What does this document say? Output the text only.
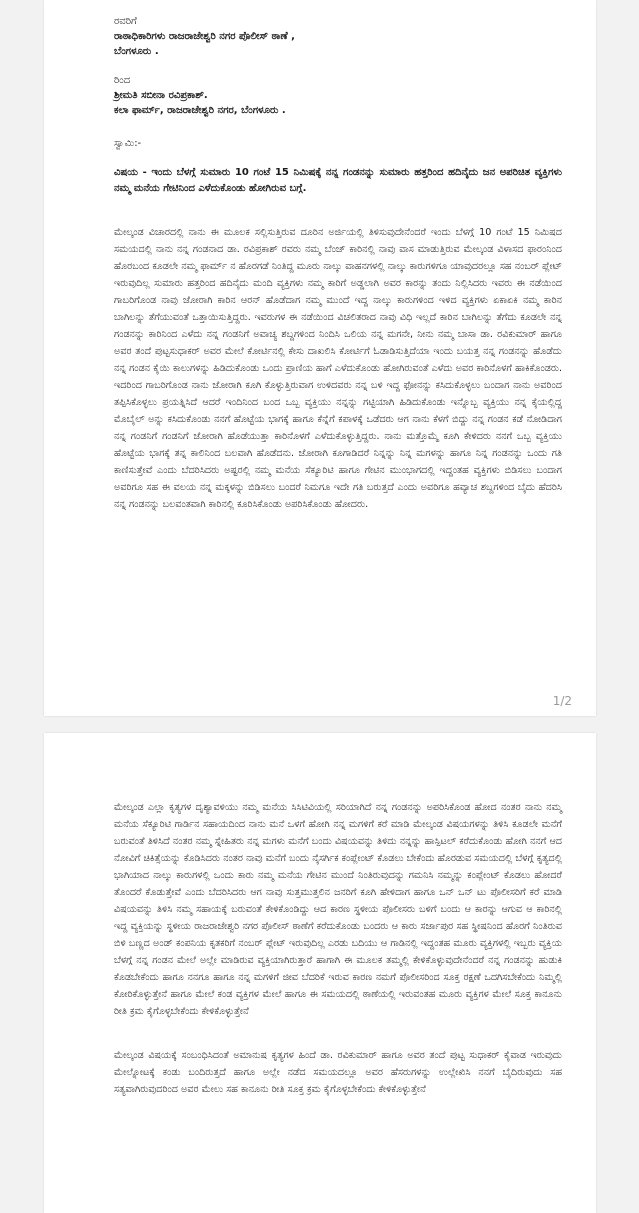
ರವರಿಗೆ
ರಾಠಾಧಿಕಾರಿಗಳು ರಾಜರಾಜೇಶ್ವರಿ ನಗರ ಪೊಲೀಸ್ ಠಾಣೆ ,
ಬೆಂಗಳೂರು .
ರಿಂದ
ಶ್ರೀಮತಿ ಸಬೀನಾ ರವಿಪ್ರಕಾಶ್.
ಕಲಾ ಫಾರ್ಮ್, ರಾಜರಾಜೇಶ್ವರಿ ನಗರ, ಬೆಂಗಳೂರು .
ಸ್ವಾಮಿ:-
ವಿಷಯ - ಇಂದು ಬೆಳಗ್ಗೆ ಸುಮಾರು 10 ಗಂಟೆ 15 ನಿಮಿಷಕ್ಕೆ ನನ್ನ ಗಂಡನನ್ನು ಸುಮಾರು ಹತ್ತರಿಂದ ಹದಿನೈದು ಜನ ಅಪರಿಚಿತ ವ್ಯಕ್ತಿಗಳು ನಮ್ಮ ಮನೆಯ ಗೇಟಿನಿಂದ ಎಳೆದುಕೊಂಡು ಹೋಗಿರುವ ಬಗ್ಗೆ.
ಮೇಲ್ಕಂಡ ವಿಚಾರದಲ್ಲಿ ನಾನು ಈ ಮೂಲಕ ಸಲ್ಲಿಸುತ್ತಿರುವ ದೂರಿನ ಅರ್ಜಿಯಲ್ಲಿ ತಿಳಿಸುವುದೇನೆಂದರೆ ಇಂದು ಬೆಳಗ್ಗೆ 10 ಗಂಟೆ 15 ನಿಮಿಷದ ಸಮಯದಲ್ಲಿ ನಾನು ನನ್ನ ಗಂಡನಾದ ಡಾ. ರವಿಪ್ರಕಾಶ್ ರವರು ನಮ್ಮ ಬೆಂಜ್ ಕಾರಿನಲ್ಲಿ ನಾವು ವಾಸ ಮಾಡುತ್ತಿರುವ ಮೇಲ್ಕಂಡ ವಿಳಾಸದ ಫಾರಂನಿಂದ ಹೊರಬಂದ ಕೂಡಲೇ ನಮ್ಮ ಫಾರ್ಮ್ ನ ಹೊರಗಡೆ ನಿಂತಿದ್ದ ಮೂರು ನಾಲ್ಕು ವಾಹನಗಳಲ್ಲಿ ನಾಲ್ಕು ಕಾರುಗಳಿಗೂ ಯಾವುದರಲ್ಲೂ ಸಹ ನಂಬರ್ ಪ್ಲೇಟ್ ಇರುವುದಿಲ್ಲ ಸುಮಾರು ಹತ್ತರಿಂದ ಹದಿನೈದು ಮಂದಿ ವ್ಯಕ್ತಿಗಳು ನಮ್ಮ ಕಾರಿಗೆ ಅಡ್ಡಲಾಗಿ ಅವರ ಕಾರನ್ನು ತಂದು ನಿಲ್ಲಿಸಿದರು ಇವರು ಈ ನಡೆಯಿಂದ ಗಾಬರಿಗೊಂಡ ನಾವು ಜೋರಾಗಿ ಕಾರಿನ ಆರನ್ ಹೊಡೆದಾಗ ನಮ್ಮ ಮುಂದೆ ಇದ್ದ ನಾಲ್ಕು ಕಾರುಗಳಿಂದ ಇಳಿದ ವ್ಯಕ್ತಿಗಳು ಏಕಾಏಕಿ ನಮ್ಮ ಕಾರಿನ ಬಾಗಿಲನ್ನು ತೆಗೆಯುವಂತೆ ಒತ್ತಾಯಿಸುತ್ತಿದ್ದರು. ಇವರುಗಳ ಈ ನಡೆಯಿಂದ ವಿಚಲಿತರಾದ ನಾವು ವಿಧಿ ಇಲ್ಲದೆ ಕಾರಿನ ಬಾಗಿಲನ್ನು ತೆಗೆದು ಕೂಡಲೇ ನನ್ನ ಗಂಡನನ್ನು ಕಾರಿನಿಂದ ಎಳೆದು ನನ್ನ ಗಂಡನಿಗೆ ಅವಾಚ್ಯ ಶಬ್ದಗಳಿಂದ ನಿಂದಿಸಿ ಒಲಿಯ ನನ್ನ ಮಗನೇ, ನೀನು ನಮ್ಮ ಬಾಸಾ ಡಾ. ರವಿಕುಮಾರ್ ಹಾಗೂ ಅವರ ತಂದೆ ಪುಟ್ಟಸುಧಾಕರ್ ಅವರ ಮೇಲೆ ಕೋರ್ಟಿನಲ್ಲಿ ಕೇಸು ದಾಖಲಿಸಿ ಕೋರ್ಟಿಗೆ ಓಡಾಡಿಸುತ್ತಿದೆಯಾ ಇಂದು ಬಯತ್ತ ನನ್ನ ಗಂಡನನ್ನು ಹೊಡೆದು ನನ್ನ ಗಂಡನ ಕೈಯಿ ಕಾಲುಗಳನ್ನು ಹಿಡಿದುಕೊಂಡು ಒಂದು ಪ್ರಾಣಿಯ ಹಾಗೆ ಎಳೆದುಕೊಂಡು ಹೋಗಿರುವಂತೆ ಎಳೆದು ಅವರ ಕಾರಿನೊಳಗೆ ಹಾಕಿಕೊಂಡರು. ಇದರಿಂದ ಗಾಬರಿಗೊಂಡ ನಾನು ಜೋರಾಗಿ ಕೂಗಿ ಕೊಳ್ಳುತ್ತಿರುವಾಗ ಉಳಿದವರು ನನ್ನ ಬಳಿ ಇದ್ದ ಫೋನನ್ನು ಕಸಿದುಕೊಳ್ಳಲು ಬಂದಾಗ ನಾನು ಅವರಿಂದ ತಪ್ಪಿಸಿಕೊಳ್ಳಲು ಪ್ರಯತ್ನಿಸಿದೆ ಆದರೆ ಇಂದಿನಿಂದ ಬಂದ ಒಬ್ಬ ವ್ಯಕ್ತಿಯು ನನ್ನನ್ನು ಗಟ್ಟಿಯಾಗಿ ಹಿಡಿದುಕೊಂಡು ಇನ್ನೊಬ್ಬ ವ್ಯಕ್ತಿಯು ನನ್ನ ಕೈಯಲ್ಲಿದ್ದ ಮೊಬೈಲ್ ಅನ್ನು ಕಸಿದುಕೊಂಡು ನನಗೆ ಹೊಟ್ಟೆಯ ಭಾಗಕ್ಕೆ ಹಾಗೂ ಕೆನ್ನೆಗೆ ಕಪಾಳಕ್ಕೆ ಒಡೆದರು ಆಗ ನಾನು ಕೆಳಗೆ ಬಿದ್ದು ನನ್ನ ಗಂಡನ ಕಡೆ ನೋಡಿದಾಗ ನನ್ನ ಗಂಡನಿಗೆ ಗಂಡನಿಗೆ ಜೋರಾಗಿ ಹೊಡೆಯುತ್ತಾ ಕಾರಿನೊಳಗೆ ಎಳೆದುಕೊಳ್ಳುತ್ತಿದ್ದರು. ನಾನು ಮತ್ತೊಮ್ಮೆ ಕೂಗಿ ಕೇಳಿದರು ನನಗೆ ಒಬ್ಬ ವ್ಯಕ್ತಿಯು ಹೊಟ್ಟೆಯ ಭಾಗಕ್ಕೆ ತನ್ನ ಕಾಲಿನಿಂದ ಬಲವಾಗಿ ಹೊಡೆದನು. ಜೋರಾಗಿ ಕೂಗಾಡಿದರೆ ನಿನ್ನನ್ನು ನಿನ್ನ ಮಗಳನ್ನು ಹಾಗೂ ನಿನ್ನ ಗಂಡನನ್ನು ಒಂದು ಗತಿ ಕಾಣಿಸುತ್ತೇವೆ ಎಂದು ಬೆದರಿಸಿದರು ಅಷ್ಟರಲ್ಲಿ ನಮ್ಮ ಮನೆಯ ಸೆಕ್ಯೂರಿಟಿ ಹಾಗೂ ಗೇಟಿನ ಮುಂಭಾಗದಲ್ಲಿ ಇದ್ದಂತಹ ವ್ಯಕ್ತಿಗಳು ಬಿಡಿಸಲು ಬಂದಾಗ ಅವರಿಗೂ ಸಹ ಈ ವಲಯ ನನ್ನ ಮಕ್ಕಳನ್ನು ಬಿಡಿಸಲು ಬಂದರೆ ನಿಮಗೂ ಇದೇ ಗತಿ ಬರುತ್ತದೆ ಎಂದು ಅವರಿಗೂ ಹವ್ಯಾಚ ಶಬ್ದಗಳಿಂದ ಬೈದು ಹೆದರಿಸಿ ನನ್ನ ಗಂಡನನ್ನು ಬಲವಂತವಾಗಿ ಕಾರಿನಲ್ಲಿ ಕೂರಿಸಿಕೊಂಡು ಅಪರಿಸಿಕೊಂಡು ಹೋದರು.
1/2
ಮೇಲ್ಕಂಡ ಎಲ್ಲಾ ಕೃತ್ಯಗಳ ದೃಶ್ಯಾವಳಿಯು ನಮ್ಮ ಮನೆಯ ಸಿಸಿಟಿವಿಯಲ್ಲಿ ಸರಿಯಾಗಿದೆ ನನ್ನ ಗಂಡನನ್ನು ಅಪರಿಸಿಕೊಂಡ ಹೋದ ನಂತರ ನಾನು ನಮ್ಮ ಮನೆಯ ಸೆಕ್ಯೂರಿಟಿ ಗಾರ್ಡಿನ ಸಹಾಯದಿಂದ ನಾನು ಮನೆ ಒಳಗೆ ಹೋಗಿ ನನ್ನ ಮಗಳಿಗೆ ಕರೆ ಮಾಡಿ ಮೇಲ್ಕಂಡ ವಿಷಯಗಳನ್ನು ತಿಳಿಸಿ ಕೂಡಲೇ ಮನೆಗೆ ಬರುವಂತೆ ತಿಳಿಸಿದೆ ನಂತರ ನಮ್ಮ ಸ್ನೇಹಿತರು ನನ್ನ ಮಗಳು ಮನೆಗೆ ಬಂದು ವಿಷಯವನ್ನು ತಿಳಿದು ನನ್ನನ್ನು ಹಾಸ್ಪಿಟಲ್ ಕರೆದುಕೊಂಡು ಹೋಗಿ ನನಗೆ ಆದ ನೋವಿಗೆ ಚಿಕಿತ್ಸೆಯನ್ನು ಕೊಡಿಸಿದರು ನಂತರ ನಾವು ಮನೆಗೆ ಬಂದು ನೈಸರ್ಗಿಕ ಕಂಪ್ಲೇಂಟ್ ಕೊಡಲು ಬೇಕೆಂದು ಹೊರಡುವ ಸಮಯದಲ್ಲಿ ಬೆಳಗ್ಗೆ ಕೃತ್ಯದಲ್ಲಿ ಭಾಗಿಯಾದ ನಾಲ್ಕು ಕಾರುಗಳಲ್ಲಿ ಒಂದು ಕಾರು ನಮ್ಮ ಮನೆಯ ಗೇಟಿನ ಮುಂದೆ ನಿಂತಿರುವುದನ್ನು ಗಮನಿಸಿ ನಮ್ಮನ್ನು ಕಂಪ್ಲೇಂಟ್ ಕೊಡಲು ಹೋದರೆ ತೊಂದರೆ ಕೊಡುತ್ತೇವೆ ಎಂದು ಬೆದರಿಸಿದರು ಆಗ ನಾವು ಸುತ್ತಮುತ್ತಲಿನ ಜನರಿಗೆ ಕೂಗಿ ಹೇಳಿದಾಗ ಹಾಗೂ ಒನ್ ಒನ್ ಟು ಪೊಲೀಸರಿಗೆ ಕರೆ ಮಾಡಿ ವಿಷಯವನ್ನು ತಿಳಿಸಿ ನಮ್ಮ ಸಹಾಯಕ್ಕೆ ಬರುವಂತೆ ಕೇಳಿಕೊಂಡಿದ್ದು ಆದ ಕಾರಣ ಸ್ಥಳೀಯ ಪೊಲೀಸರು ಬಳಿಗೆ ಬಂದು ಆ ಕಾರನ್ನು ಆಗುವ ಆ ಕಾರಿನಲ್ಲಿ ಇದ್ದ ವ್ಯಕ್ತಿಯನ್ನು ಸ್ಥಳೀಯ ರಾಜರಾಜೇಶ್ವರಿ ನಗರ ಪೊಲೀಸ್ ಠಾಣೆಗೆ ಕರೆದುಕೊಂಡು ಬಂದರು ಆ ಕಾರು ಸರ್ಜಾಪುರ ಸಹ ಸ್ಥೀಷನಿಂದ ಹೊರಗೆ ನಿಂತಿರುವ ಬಿಳಿ ಬಣ್ಣದ ಅಂಡ್ ಕಂಪನಿಯ ಕೃತಕರಿಗೆ ನಂಬರ್ ಪ್ಲೇಟ್ ಇರುವುದಿಲ್ಲ ಎರಡು ಬದಿಯು ಆ ಗಾಡಿನಲ್ಲಿ ಇದ್ದಂತಹ ಮೂರು ವ್ಯಕ್ತಿಗಳಲ್ಲಿ ಇಬ್ಬರು ವ್ಯಕ್ತಿಯ ಬೆಳಗ್ಗೆ ನನ್ನ ಗಂಡನ ಮೇಲೆ ಅಲ್ಲೇ ಮಾಡಿರುವ ವ್ಯಕ್ತಿಯಾಗಿರುತ್ತಾರೆ ಹಾಗಾಗಿ ಈ ಮೂಲಕ ತಮ್ಮಲ್ಲಿ ಕೇಳಿಕೊಳ್ಳುವುದೇನೆಂದರೆ ನನ್ನ ಗಂಡನನ್ನು ಹುಡುಕಿ ಕೊಡಬೇಕೆಂದು ಹಾಗೂ ನನಗೂ ಹಾಗೂ ನನ್ನ ಮಗಳಿಗೆ ಜೀವ ಬೆದರಿಕೆ ಇರುವ ಕಾರಣ ನಮಗೆ ಪೊಲೀಸರಿಂದ ಸೂಕ್ತ ರಕ್ಷಣೆ ಒದಗಿಸಬೇಕೆಂದು ನಿಮ್ಮಲ್ಲಿ ಕೋರಿಕೊಳ್ಳುತ್ತೇನೆ ಹಾಗೂ ಮೇಲೆ ಕಂಡ ವ್ಯಕ್ತಿಗಳ ಮೇಲೆ ಹಾಗೂ ಈ ಸಮಯದಲ್ಲಿ ಠಾಣೆಯಲ್ಲಿ ಇರುವಂತಹ ಮೂರು ವ್ಯಕ್ತಿಗಳ ಮೇಲೆ ಸೂಕ್ತ ಕಾನೂನು ರೀತಿ ಕ್ರಮ ಕೈಗೊಳ್ಳಬೇಕೆಂದು ಕೇಳಿಕೊಳ್ಳುತ್ತೇನೆ
ಮೇಲ್ಕಂಡ ವಿಷಯಕ್ಕೆ ಸಂಬಂಧಿಸಿದಂತೆ ಅಮಾನುಷ ಕೃತ್ಯಗಳ ಹಿಂದೆ ಡಾ. ರವಿಕುಮಾರ್ ಹಾಗೂ ಅವರ ತಂದೆ ಪುಟ್ಟ ಸುಧಾಕರ್ ಕೈವಾಡ ಇರುವುದು ಮೇಲ್ನೋಟಕ್ಕೆ ಕಂಡು ಬಂದಿರುತ್ತದೆ ಹಾಗೂ ಅಲ್ಲೇ ನಡೆದ ಸಮಯದಲ್ಲೂ ಅವರ ಹೆಸರುಗಳನ್ನು ಉಲ್ಲೇಖಿಸಿ ನನಗೆ ಬೈದಿರುವುದು ಸಹ ಸತ್ಯವಾಗಿರುವುದರಿಂದ ಅವರ ಮೇಲು ಸಹ ಕಾನೂನು ರೀತಿ ಸೂಕ್ತ ಕ್ರಮ ಕೈಗೊಳ್ಳಬೇಕೆಂದು ಕೇಳಿಕೊಳ್ಳುತ್ತೇನೆ
